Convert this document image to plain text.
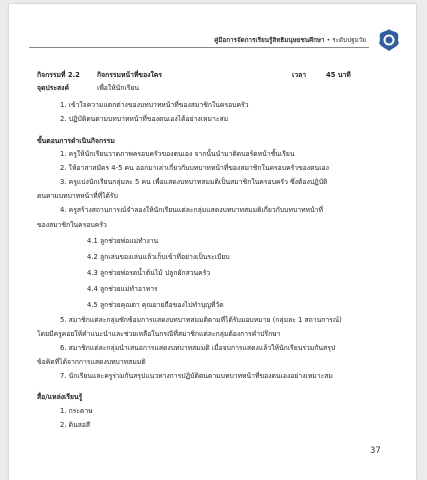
คู่มือการจัดการเรียนรู้สิทธิมนุษยชนศึกษา • ระดับปฐมวัย
กิจกรรมที่ 2.2	กิจกรรมหน้าที่ของใคร	เวลา	45 นาที
จุดประสงค์	เพื่อให้นักเรียน
1. เข้าใจความแตกต่างของบทบาทหน้าที่ของสมาชิกในครอบครัว
2. ปฏิบัติตนตามบทบาทหน้าที่ของตนเองได้อย่างเหมาะสม
ขั้นตอนการดำเนินกิจกรรม
1. ครูให้นักเรียนวาดภาพครอบครัวของตนเอง จากนั้นนำมาติดบอร์ดหน้าชั้นเรียน
2. ให้อาสาสมัคร 4-5 คน ออกมาเล่าเกี่ยวกับบทบาทหน้าที่ของสมาชิกในครอบครัวของตนเอง
3. ครูแบ่งนักเรียนกลุ่มละ 5 คน เพื่อแสดงบทบาทสมมติเป็นสมาชิกในครอบครัว ซึ่งต้องปฏิบัติ
ตนตามบทบาทหน้าที่ที่ได้รับ
4. ครูสร้างสถานการณ์จำลองให้นักเรียนแต่ละกลุ่มแสดงบทบาทสมมติเกี่ยวกับบทบาทหน้าที่
ของสมาชิกในครอบครัว
4.1 ลูกช่วยพ่อแม่ทำงาน
4.2 ลูกเล่นของเล่นแล้วเก็บเข้าที่อย่างเป็นระเบียบ
4.3 ลูกช่วยพ่อรดน้ำต้นไม้ ปลูกผักสวนครัว
4.4 ลูกช่วยแม่ทำอาหาร
4.5 ลูกช่วยคุณตา คุณยายถือของไปทำบุญที่วัด
5. สมาชิกแต่ละกลุ่มซักซ้อมการแสดงบทบาทสมมติตามที่ได้รับมอบหมาย (กลุ่มละ 1 สถานการณ์)
โดยมีครูคอยให้คำแนะนำและช่วยเหลือในกรณีที่สมาชิกแต่ละกลุ่มต้องการคำปรึกษา
6. สมาชิกแต่ละกลุ่มนำเสนอการแสดงบทบาทสมมติ เมื่อจบการแสดงแล้วให้นักเรียนร่วมกันสรุป
ข้อคิดที่ได้จากการแสดงบทบาทสมมติ
7. นักเรียนและครูร่วมกันสรุปแนวทางการปฏิบัติตนตามบทบาทหน้าที่ของตนเองอย่างเหมาะสม
สื่อ/แหล่งเรียนรู้
1. กระดาษ
2. ดินสอสี
37
